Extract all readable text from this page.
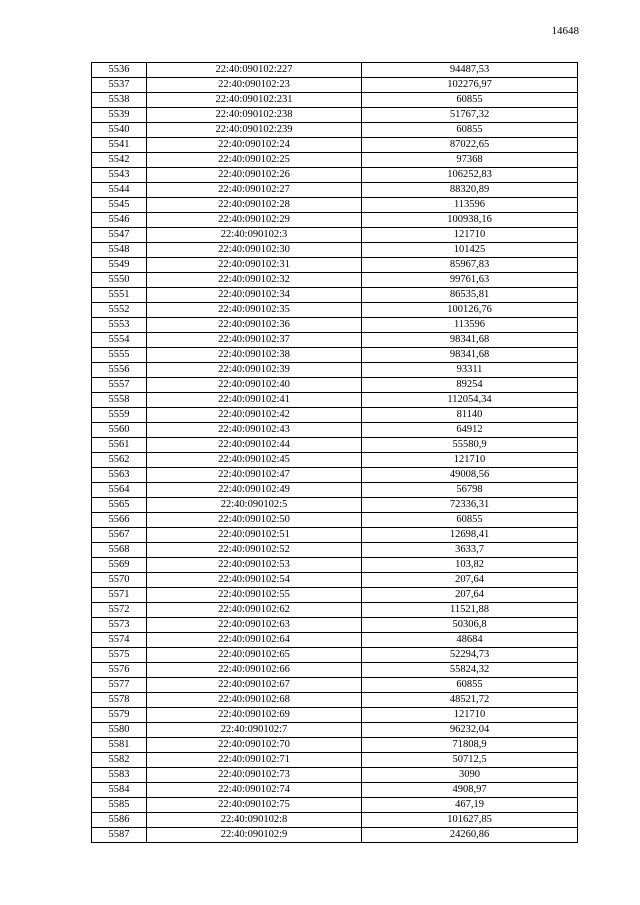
14648
5536	22:40:090102:227	94487,53
5537	22:40:090102:23	102276,97
5538	22:40:090102:231	60855
5539	22:40:090102:238	51767,32
5540	22:40:090102:239	60855
5541	22:40:090102:24	87022,65
5542	22:40:090102:25	97368
5543	22:40:090102:26	106252,83
5544	22:40:090102:27	88320,89
5545	22:40:090102:28	113596
5546	22:40:090102:29	100938,16
5547	22:40:090102:3	121710
5548	22:40:090102:30	101425
5549	22:40:090102:31	85967,83
5550	22:40:090102:32	99761,63
5551	22:40:090102:34	86535,81
5552	22:40:090102:35	100126,76
5553	22:40:090102:36	113596
5554	22:40:090102:37	98341,68
5555	22:40:090102:38	98341,68
5556	22:40:090102:39	93311
5557	22:40:090102:40	89254
5558	22:40:090102:41	112054,34
5559	22:40:090102:42	81140
5560	22:40:090102:43	64912
5561	22:40:090102:44	55580,9
5562	22:40:090102:45	121710
5563	22:40:090102:47	49008,56
5564	22:40:090102:49	56798
5565	22:40:090102:5	72336,31
5566	22:40:090102:50	60855
5567	22:40:090102:51	12698,41
5568	22:40:090102:52	3633,7
5569	22:40:090102:53	103,82
5570	22:40:090102:54	207,64
5571	22:40:090102:55	207,64
5572	22:40:090102:62	11521,88
5573	22:40:090102:63	50306,8
5574	22:40:090102:64	48684
5575	22:40:090102:65	52294,73
5576	22:40:090102:66	55824,32
5577	22:40:090102:67	60855
5578	22:40:090102:68	48521,72
5579	22:40:090102:69	121710
5580	22:40:090102:7	96232,04
5581	22:40:090102:70	71808,9
5582	22:40:090102:71	50712,5
5583	22:40:090102:73	3090
5584	22:40:090102:74	4908,97
5585	22:40:090102:75	467,19
5586	22:40:090102:8	101627,85
5587	22:40:090102:9	24260,86
